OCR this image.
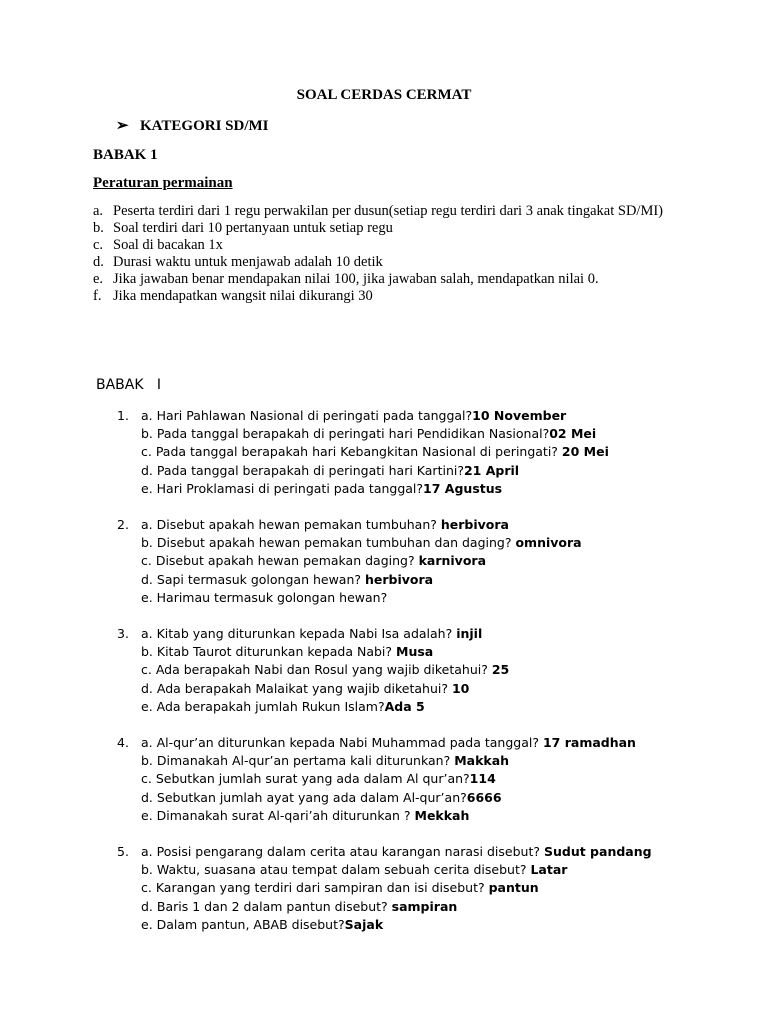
SOAL CERDAS CERMAT
➢ KATEGORI SD/MI
BABAK 1
Peraturan permainan
a. Peserta terdiri dari 1 regu perwakilan per dusun(setiap regu terdiri dari 3 anak tingakat SD/MI)
b. Soal terdiri dari 10 pertanyaan untuk setiap regu
c. Soal di bacakan 1x
d. Durasi waktu untuk menjawab adalah 10 detik
e. Jika jawaban benar mendapakan nilai 100, jika jawaban salah, mendapatkan nilai 0.
f. Jika mendapatkan wangsit nilai dikurangi 30
BABAK   I
1. a. Hari Pahlawan Nasional di peringati pada tanggal?10 November
b. Pada tanggal berapakah di peringati hari Pendidikan Nasional?02 Mei
c. Pada tanggal berapakah hari Kebangkitan Nasional di peringati? 20 Mei
d. Pada tanggal berapakah di peringati hari Kartini?21 April
e. Hari Proklamasi di peringati pada tanggal?17 Agustus
2. a. Disebut apakah hewan pemakan tumbuhan? herbivora
b. Disebut apakah hewan pemakan tumbuhan dan daging? omnivora
c. Disebut apakah hewan pemakan daging? karnivora
d. Sapi termasuk golongan hewan? herbivora
e. Harimau termasuk golongan hewan?
3. a. Kitab yang diturunkan kepada Nabi Isa adalah? injil
b. Kitab Taurot diturunkan kepada Nabi? Musa
c. Ada berapakah Nabi dan Rosul yang wajib diketahui? 25
d. Ada berapakah Malaikat yang wajib diketahui? 10
e. Ada berapakah jumlah Rukun Islam?Ada 5
4. a. Al-qur’an diturunkan kepada Nabi Muhammad pada tanggal? 17 ramadhan
b. Dimanakah Al-qur’an pertama kali diturunkan? Makkah
c. Sebutkan jumlah surat yang ada dalam Al qur’an?114
d. Sebutkan jumlah ayat yang ada dalam Al-qur’an?6666
e. Dimanakah surat Al-qari’ah diturunkan ? Mekkah
5. a. Posisi pengarang dalam cerita atau karangan narasi disebut? Sudut pandang
b. Waktu, suasana atau tempat dalam sebuah cerita disebut? Latar
c. Karangan yang terdiri dari sampiran dan isi disebut? pantun
d. Baris 1 dan 2 dalam pantun disebut? sampiran
e. Dalam pantun, ABAB disebut?Sajak
